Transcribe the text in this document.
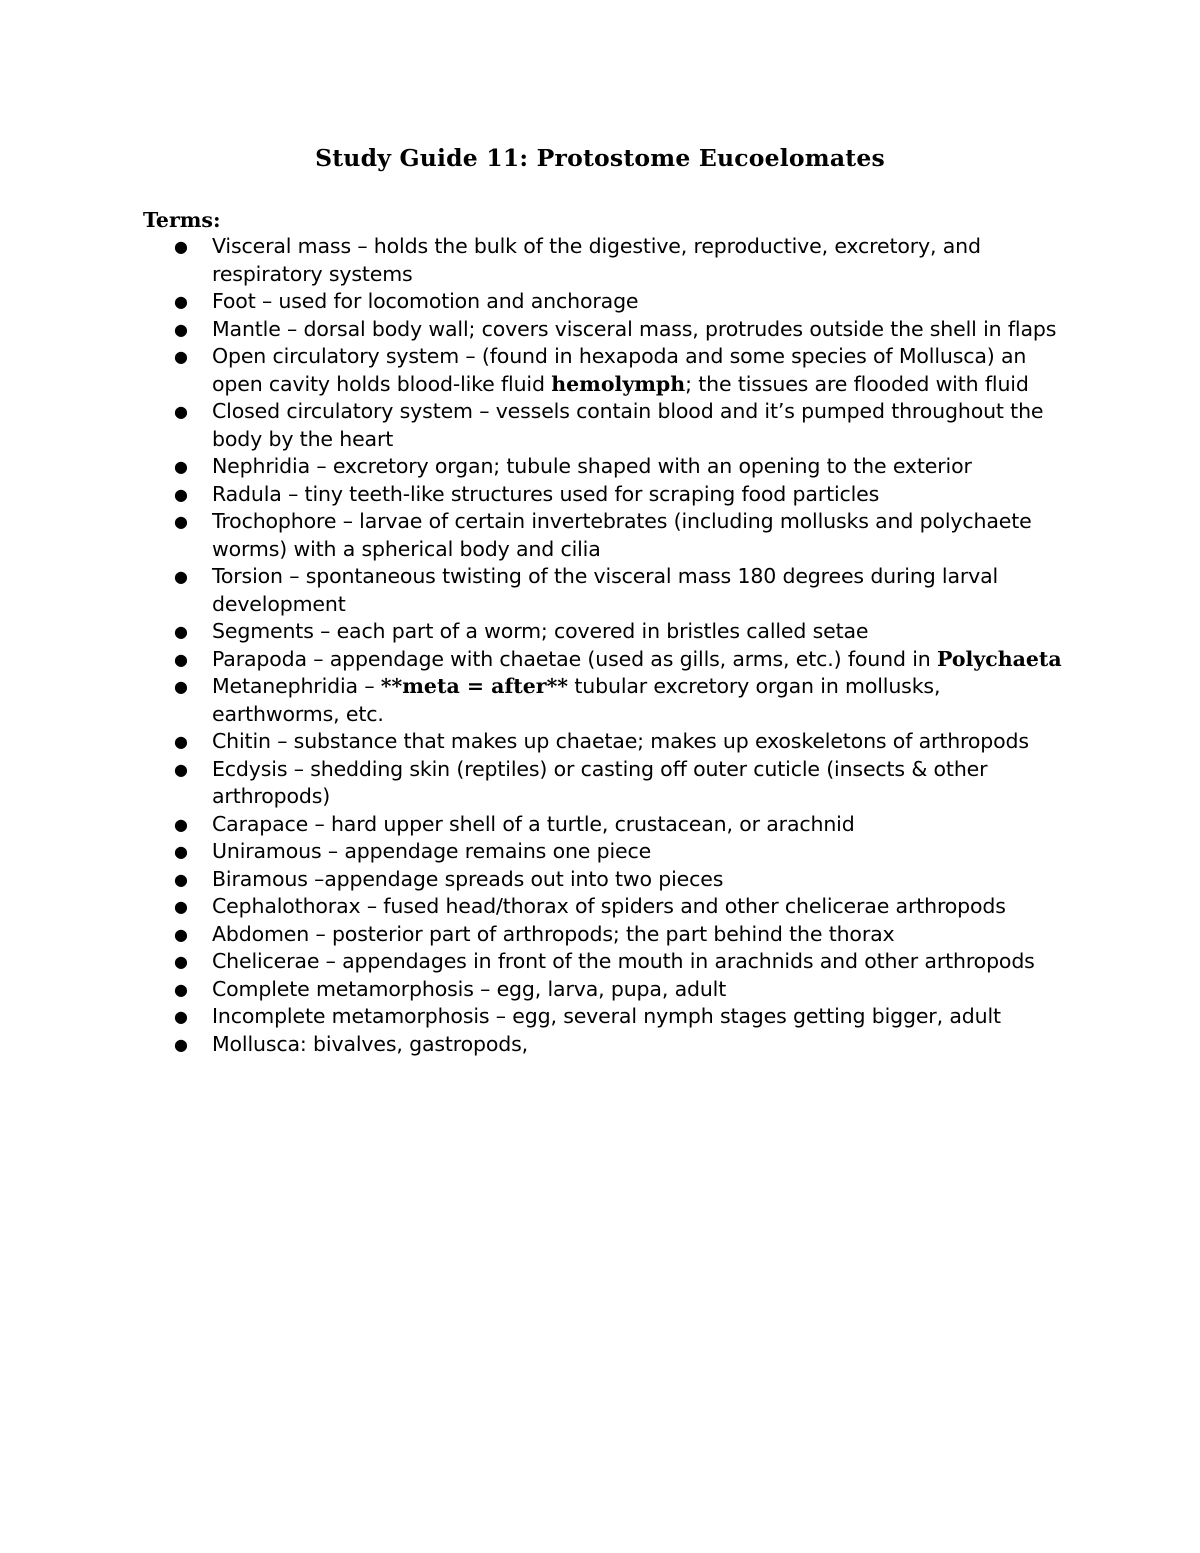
Study Guide 11: Protostome Eucoelomates
Terms:
● Visceral mass – holds the bulk of the digestive, reproductive, excretory, and respiratory systems
● Foot – used for locomotion and anchorage
● Mantle – dorsal body wall; covers visceral mass, protrudes outside the shell in flaps
● Open circulatory system – (found in hexapoda and some species of Mollusca) an open cavity holds blood-like fluid hemolymph; the tissues are flooded with fluid
● Closed circulatory system – vessels contain blood and it’s pumped throughout the body by the heart
● Nephridia – excretory organ; tubule shaped with an opening to the exterior
● Radula – tiny teeth-like structures used for scraping food particles
● Trochophore – larvae of certain invertebrates (including mollusks and polychaete worms) with a spherical body and cilia
● Torsion – spontaneous twisting of the visceral mass 180 degrees during larval development
● Segments – each part of a worm; covered in bristles called setae
● Parapoda – appendage with chaetae (used as gills, arms, etc.) found in Polychaeta
● Metanephridia – **meta = after** tubular excretory organ in mollusks, earthworms, etc.
● Chitin – substance that makes up chaetae; makes up exoskeletons of arthropods
● Ecdysis – shedding skin (reptiles) or casting off outer cuticle (insects & other arthropods)
● Carapace – hard upper shell of a turtle, crustacean, or arachnid
● Uniramous – appendage remains one piece
● Biramous –appendage spreads out into two pieces
● Cephalothorax – fused head/thorax of spiders and other chelicerae arthropods
● Abdomen – posterior part of arthropods; the part behind the thorax
● Chelicerae – appendages in front of the mouth in arachnids and other arthropods
● Complete metamorphosis – egg, larva, pupa, adult
● Incomplete metamorphosis – egg, several nymph stages getting bigger, adult
● Mollusca: bivalves, gastropods,
